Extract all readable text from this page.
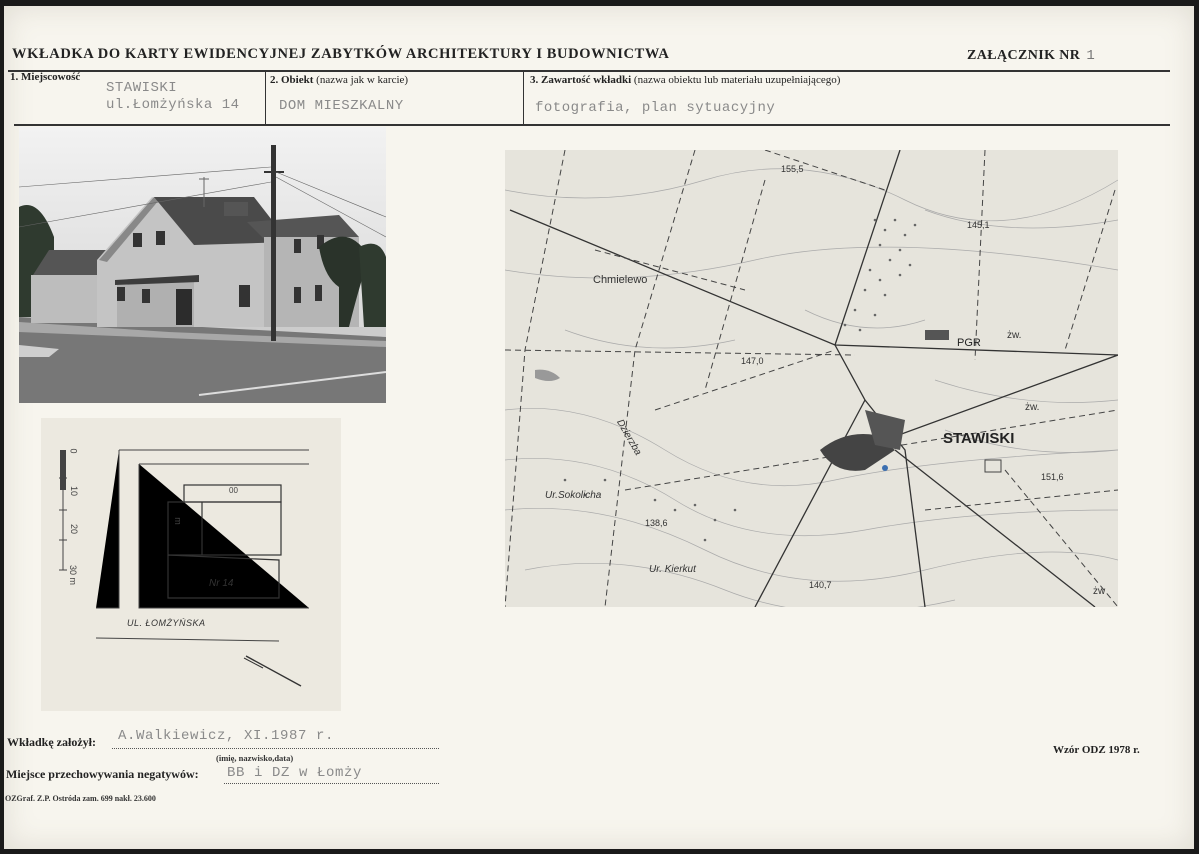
WKŁADKA DO KARTY EWIDENCYJNEJ ZABYTKÓW ARCHITEKTURY I BUDOWNICTWA	ZAŁĄCZNIK NR 1
1. Miejscowość
STAWISKI
ul.Łomżyńska 14
2. Obiekt (nazwa jak w karcie)
DOM MIESZKALNY
3. Zawartość wkładki (nazwa obiektu lub materiału uzupełniającego)
fotografia, plan sytuacyjny
0
10
20
30 m
00
m
Nr 14
UL. ŁOMŻYŃSKA
Chmielewo
STAWISKI
PGR
Dzierzba
Ur.Sokolicha
Ur. Kierkut
żw.
żw.
żw
155,5
145,1
147,0
151,6
138,6
140,7
Wkładkę założył: A.Walkiewicz, XI.1987 r.
(imię, nazwisko,data)
Miejsce przechowywania negatywów: BB i DZ w Łomży
Wzór ODZ 1978 r.
OZGraf. Z.P. Ostróda zam. 699 nakł. 23.600
